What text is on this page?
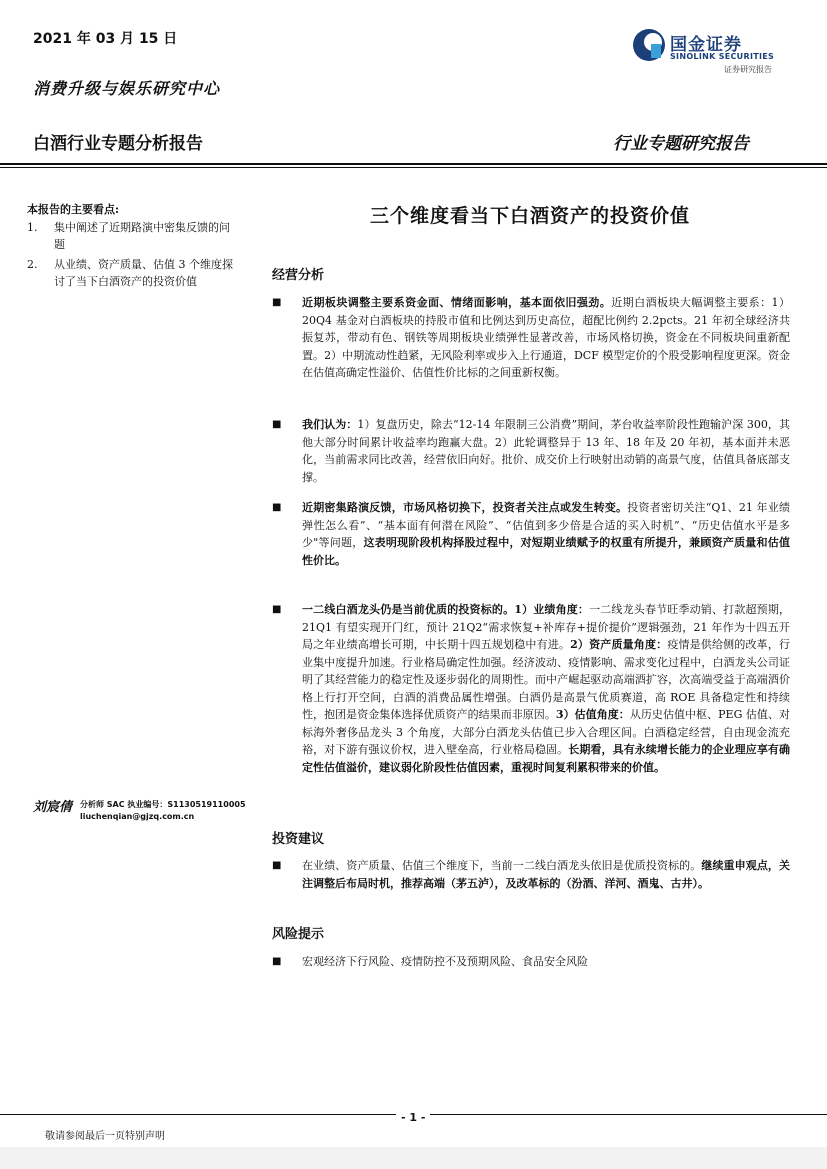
2021 年 03 月 15 日
消费升级与娱乐研究中心
国金证券
SINOLINK SECURITIES
证券研究报告
白酒行业专题分析报告	行业专题研究报告
本报告的主要看点:
1. 集中阐述了近期路演中密集反馈的问题
2. 从业绩、资产质量、估值 3 个维度探讨了当下白酒资产的投资价值
刘宸倩 分析师 SAC 执业编号：S1130519110005
liuchenqian@gjzq.com.cn
三个维度看当下白酒资产的投资价值
经营分析
■ 近期板块调整主要系资金面、情绪面影响，基本面依旧强劲。近期白酒板块大幅调整主要系：1）20Q4 基金对白酒板块的持股市值和比例达到历史高位，超配比例约 2.2pcts。21 年初全球经济共振复苏，带动有色、钢铁等周期板块业绩弹性显著改善，市场风格切换，资金在不同板块间重新配置。2）中期流动性趋紧，无风险利率或步入上行通道，DCF 模型定价的个股受影响程度更深。资金在估值高确定性溢价、估值性价比标的之间重新权衡。
■ 我们认为：1）复盘历史，除去“12-14 年限制三公消费”期间，茅台收益率阶段性跑输沪深 300，其他大部分时间累计收益率均跑赢大盘。2）此轮调整异于 13 年、18 年及 20 年初，基本面并未恶化，当前需求同比改善，经营依旧向好。批价、成交价上行映射出动销的高景气度，估值具备底部支撑。
■ 近期密集路演反馈，市场风格切换下，投资者关注点或发生转变。投资者密切关注“Q1、21 年业绩弹性怎么看”、“基本面有何潜在风险”、“估值到多少倍是合适的买入时机”、“历史估值水平是多少"等问题，这表明现阶段机构择股过程中，对短期业绩赋予的权重有所提升，兼顾资产质量和估值性价比。
■ 一二线白酒龙头仍是当前优质的投资标的。1）业绩角度：一二线龙头春节旺季动销、打款超预期，21Q1 有望实现开门红，预计 21Q2“需求恢复+补库存+提价提价”逻辑强劲，21 年作为十四五开局之年业绩高增长可期，中长期十四五规划稳中有进。2）资产质量角度：疫情是供给侧的改革，行业集中度提升加速。行业格局确定性加强。经济波动、疫情影响、需求变化过程中，白酒龙头公司证明了其经营能力的稳定性及逐步弱化的周期性。而中产崛起驱动高端酒扩容，次高端受益于高端酒价格上行打开空间，白酒的消费品属性增强。白酒仍是高景气优质赛道，高 ROE 具备稳定性和持续性，抱团是资金集体选择优质资产的结果而非原因。3）估值角度：从历史估值中枢、PEG 估值、对标海外奢侈品龙头 3 个角度，大部分白酒龙头估值已步入合理区间。白酒稳定经营，自由现金流充裕，对下游有强议价权，进入壁垒高，行业格局稳固。长期看，具有永续增长能力的企业理应享有确定性估值溢价，建议弱化阶段性估值因素，重视时间复利累积带来的价值。
投资建议
■ 在业绩、资产质量、估值三个维度下，当前一二线白酒龙头依旧是优质投资标的。继续重申观点，关注调整后布局时机，推荐高端（茅五泸），及改革标的（汾酒、洋河、酒鬼、古井）。
风险提示
■ 宏观经济下行风险、疫情防控不及预期风险、食品安全风险
- 1 -
敬请参阅最后一页特别声明
